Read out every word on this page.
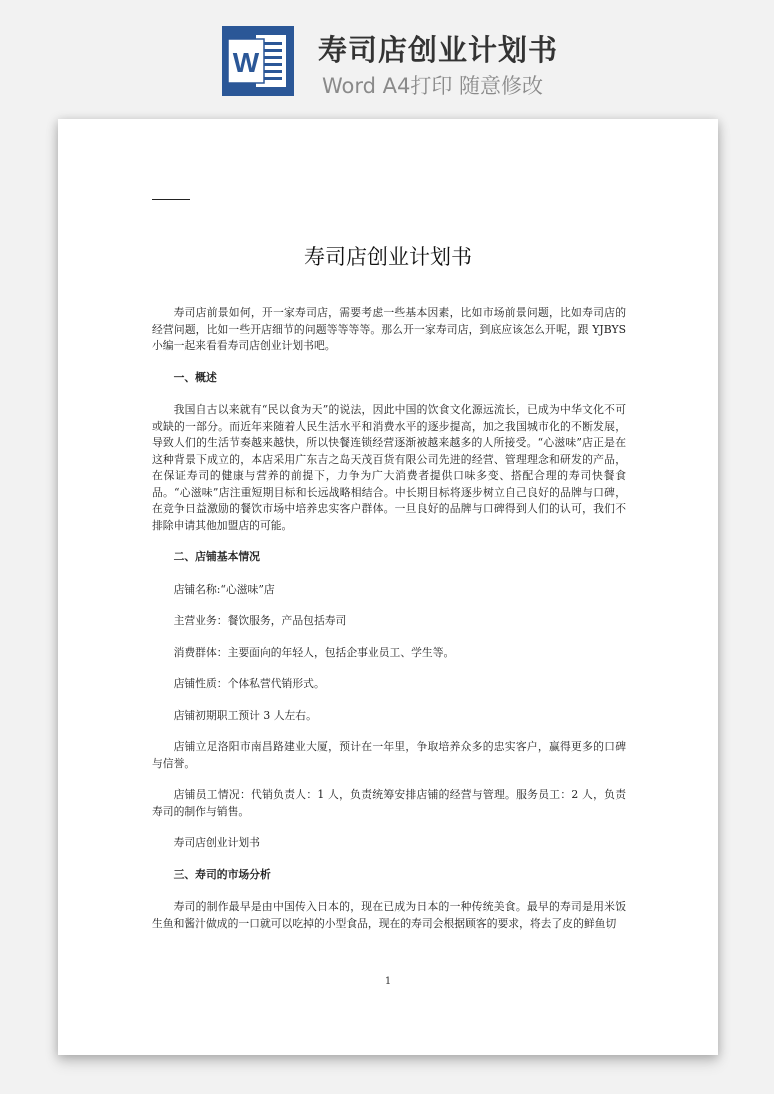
W 寿司店创业计划书
Word A4打印 随意修改
寿司店创业计划书

寿司店前景如何，开一家寿司店，需要考虑一些基本因素，比如市场前景问题，比如寿司店的经营问题，比如一些开店细节的问题等等等等。那么开一家寿司店，到底应该怎么开呢，跟 YJBYS 小编一起来看看寿司店创业计划书吧。

一、概述

我国自古以来就有“民以食为天”的说法，因此中国的饮食文化源远流长，已成为中华文化不可或缺的一部分。而近年来随着人民生活水平和消费水平的逐步提高，加之我国城市化的不断发展，导致人们的生活节奏越来越快，所以快餐连锁经营逐渐被越来越多的人所接受。“心滋味”店正是在这种背景下成立的，本店采用广东吉之岛天茂百货有限公司先进的经营、管理理念和研发的产品，在保证寿司的健康与营养的前提下，力争为广大消费者提供口味多变、搭配合理的寿司快餐食品。“心滋味”店注重短期目标和长远战略相结合。中长期目标将逐步树立自己良好的品牌与口碑，在竞争日益激励的餐饮市场中培养忠实客户群体。一旦良好的品牌与口碑得到人们的认可，我们不排除申请其他加盟店的可能。

二、店铺基本情况

店铺名称:“心滋味”店

主营业务：餐饮服务，产品包括寿司

消费群体：主要面向的年轻人，包括企事业员工、学生等。

店铺性质：个体私营代销形式。

店铺初期职工预计 3 人左右。

店铺立足洛阳市南昌路建业大厦，预计在一年里，争取培养众多的忠实客户，赢得更多的口碑与信誉。

店铺员工情况：代销负责人：1 人，负责统筹安排店铺的经营与管理。服务员工：2 人，负责寿司的制作与销售。

寿司店创业计划书

三、寿司的市场分析

寿司的制作最早是由中国传入日本的，现在已成为日本的一种传统美食。最早的寿司是用米饭生鱼和酱汁做成的一口就可以吃掉的小型食品，现在的寿司会根据顾客的要求，将去了皮的鲜鱼切

1
